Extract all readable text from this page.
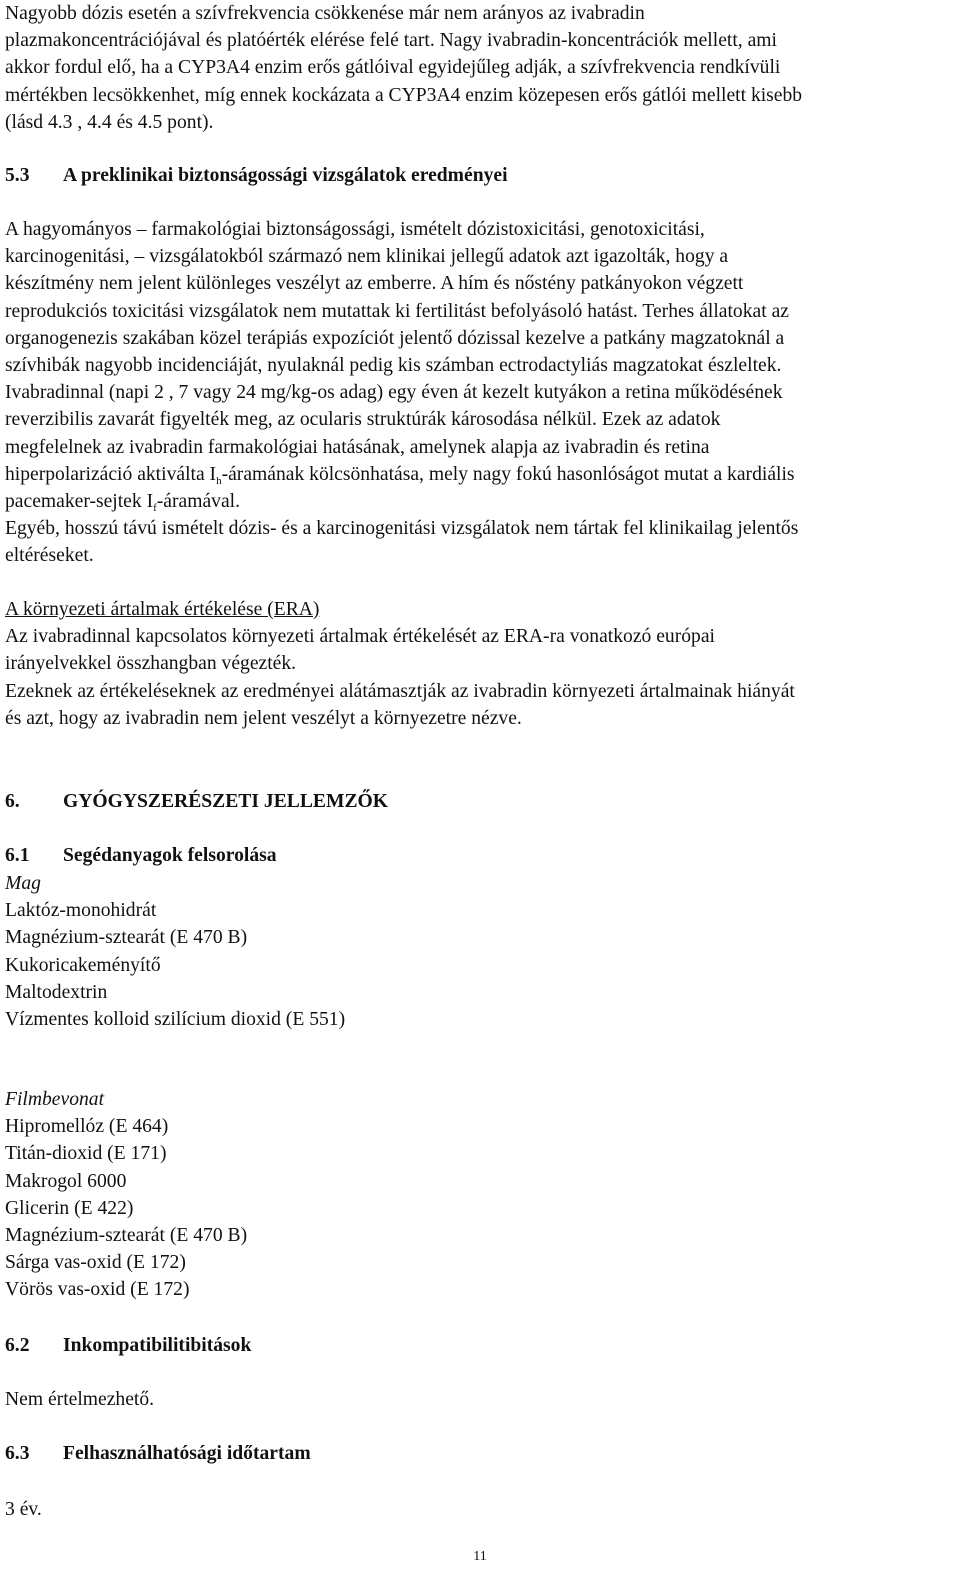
Nagyobb dózis esetén a szívfrekvencia csökkenése már nem arányos az ivabradin

plazmakoncentrációjával és platóérték elérése felé tart. Nagy ivabradin-koncentrációk mellett, ami

akkor fordul elő, ha a CYP3A4 enzim erős gátlóival egyidejűleg adják, a szívfrekvencia rendkívüli

mértékben lecsökkenhet, míg ennek kockázata a CYP3A4 enzim közepesen erős gátlói mellett kisebb

(lásd 4.3 , 4.4 és 4.5 pont).

5.3 A preklinikai biztonságossági vizsgálatok eredményei

A hagyományos – farmakológiai biztonságossági, ismételt dózistoxicitási, genotoxicitási,

karcinogenitási, – vizsgálatokból származó nem klinikai jellegű adatok azt igazolták, hogy a

készítmény nem jelent különleges veszélyt az emberre. A hím és nőstény patkányokon végzett

reprodukciós toxicitási vizsgálatok nem mutattak ki fertilitást befolyásoló hatást. Terhes állatokat az

organogenezis szakában közel terápiás expozíciót jelentő dózissal kezelve a patkány magzatoknál a

szívhibák nagyobb incidenciáját, nyulaknál pedig kis számban ectrodactyliás magzatokat észleltek.

Ivabradinnal (napi 2 , 7 vagy 24 mg/kg-os adag) egy éven át kezelt kutyákon a retina működésének

reverzibilis zavarát figyelték meg, az ocularis struktúrák károsodása nélkül. Ezek az adatok

megfelelnek az ivabradin farmakológiai hatásának, amelynek alapja az ivabradin és retina

hiperpolarizáció aktiválta $I_h$-áramának kölcsönhatása, mely nagy fokú hasonlóságot mutat a kardiális

pacemaker-sejtek $I_f$-áramával.

Egyéb, hosszú távú ismételt dózis- és a karcinogenitási vizsgálatok nem tártak fel klinikailag jelentős

eltéréseket.

A környezeti ártalmak értékelése (ERA)

Az ivabradinnal kapcsolatos környezeti ártalmak értékelését az ERA-ra vonatkozó európai

irányelvekkel összhangban végezték.

Ezeknek az értékeléseknek az eredményei alátámasztják az ivabradin környezeti ártalmainak hiányát

és azt, hogy az ivabradin nem jelent veszélyt a környezetre nézve.

6. GYÓGYSZERÉSZETI JELLEMZŐK

6.1 Segédanyagok felsorolása

Mag

Laktóz-monohidrát

Magnézium-sztearát (E 470 B)

Kukoricakeményítő

Maltodextrin

Vízmentes kolloid szilícium dioxid (E 551)

Filmbevonat

Hipromellóz (E 464)

Titán-dioxid (E 171)

Makrogol 6000

Glicerin (E 422)

Magnézium-sztearát (E 470 B)

Sárga vas-oxid (E 172)

Vörös vas-oxid (E 172)

6.2 Inkompatibilitibitások

Nem értelmezhető.

6.3 Felhasználhatósági időtartam

3 év.

11
